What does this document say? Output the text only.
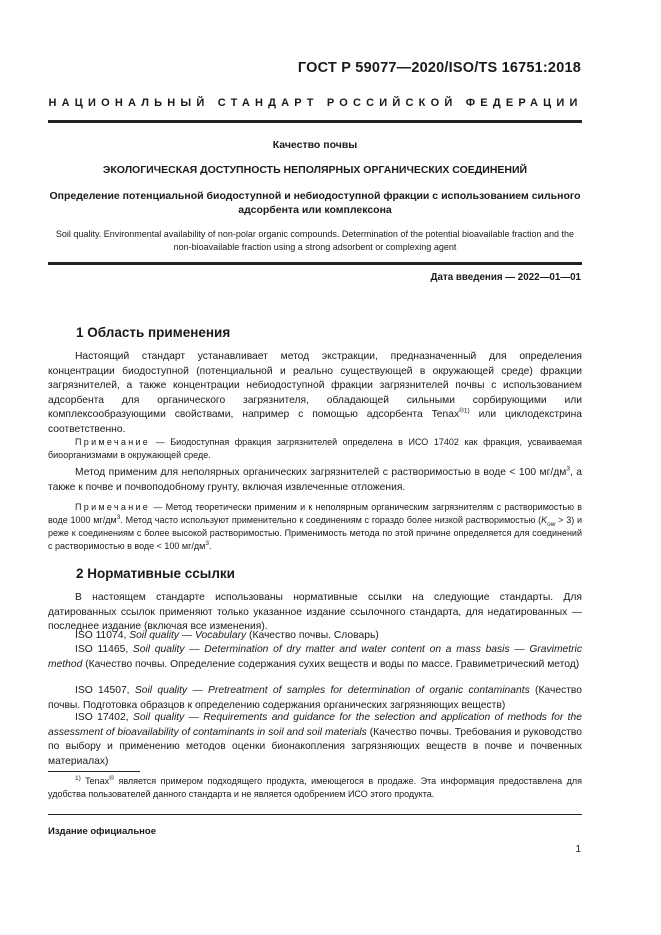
ГОСТ Р 59077—2020/ISO/TS 16751:2018
НАЦИОНАЛЬНЫЙ СТАНДАРТ РОССИЙСКОЙ ФЕДЕРАЦИИ
Качество почвы
ЭКОЛОГИЧЕСКАЯ ДОСТУПНОСТЬ НЕПОЛЯРНЫХ ОРГАНИЧЕСКИХ СОЕДИНЕНИЙ
Определение потенциальной биодоступной и небиодоступной фракции с использованием сильного адсорбента или комплексона
Soil quality. Environmental availability of non-polar organic compounds. Determination of the potential bioavailable fraction and the non-bioavailable fraction using a strong adsorbent or complexing agent
Дата введения — 2022—01—01
1 Область применения
Настоящий стандарт устанавливает метод экстракции, предназначенный для определения концентрации биодоступной (потенциальной и реально существующей в окружающей среде) фракции загрязнителей, а также концентрации небиодоступной фракции загрязнителей почвы с использованием адсорбента для органического загрязнителя, обладающей сильными сорбирующими или комплексообразующими свойствами, например с помощью адсорбента Tenax$^{®1)}$ или циклодекстрина соответственно.
Примечание — Биодоступная фракция загрязнителей определена в ИСО 17402 как фракция, усваиваемая биоорганизмами в окружающей среде.
Метод применим для неполярных органических загрязнителей с растворимостью в воде < 100 $мг/дм^3$, а также к почве и почвоподобному грунту, включая извлеченные отложения.
Примечание — Метод теоретически применим и к неполярным органическим загрязнителям с растворимостью в воде 1000 $мг/дм^3$. Метод часто используют применительно к соединениям с гораздо более низкой растворимостью $(K_{ow} > 3)$ и реже к соединениям с более высокой растворимостью. Применимость метода по этой причине определяется для соединений с растворимостью в воде < 100 $мг/дм^3$.
2 Нормативные ссылки
В настоящем стандарте использованы нормативные ссылки на следующие стандарты. Для датированных ссылок применяют только указанное издание ссылочного стандарта, для недатированных — последнее издание (включая все изменения).
ISO 11074, Soil quality — Vocabulary (Качество почвы. Словарь)
ISO 11465, Soil quality — Determination of dry matter and water content on a mass basis — Gravimetric method (Качество почвы. Определение содержания сухих веществ и воды по массе. Гравиметрический метод)
ISO 14507, Soil quality — Pretreatment of samples for determination of organic contaminants (Качество почвы. Подготовка образцов к определению содержания органических загрязняющих веществ)
ISO 17402, Soil quality — Requirements and guidance for the selection and application of methods for the assessment of bioavailability of contaminants in soil and soil materials (Качество почвы. Требования и руководство по выбору и применению методов оценки бионакопления загрязняющих веществ в почве и почвенных материалах)
$^{1)}$ Tenax® является примером подходящего продукта, имеющегося в продаже. Эта информация предоставлена для удобства пользователей данного стандарта и не является одобрением ИСО этого продукта.
Издание официальное
1
